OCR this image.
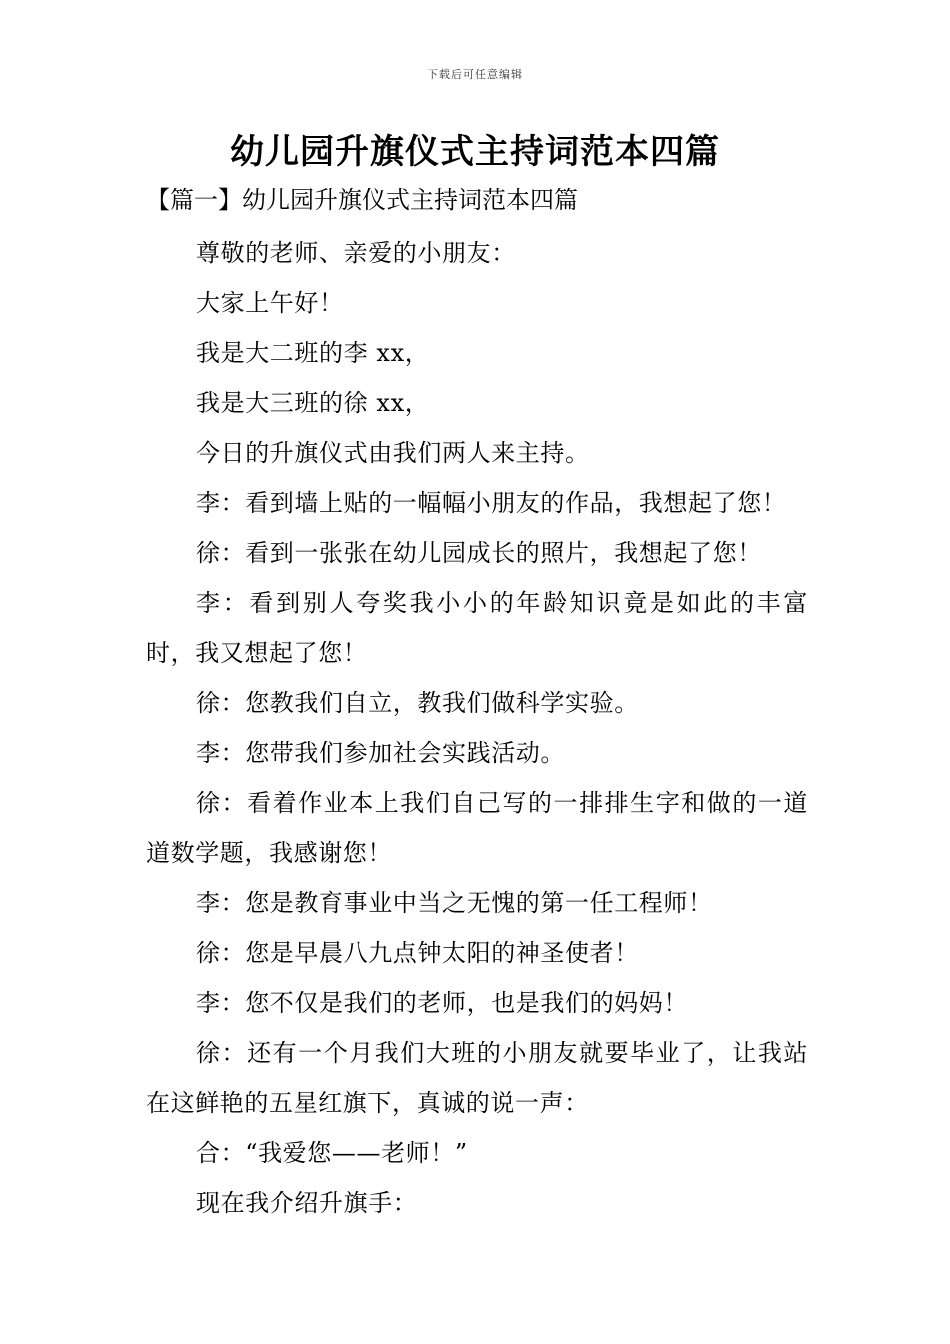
下载后可任意编辑
幼儿园升旗仪式主持词范本四篇
【篇一】幼儿园升旗仪式主持词范本四篇

尊敬的老师、亲爱的小朋友：

大家上午好！

我是大二班的李 xx，

我是大三班的徐 xx，

今日的升旗仪式由我们两人来主持。

李：看到墙上贴的一幅幅小朋友的作品，我想起了您！

徐：看到一张张在幼儿园成长的照片，我想起了您！

李：看到别人夸奖我小小的年龄知识竟是如此的丰富时，我又想起了您！

徐：您教我们自立，教我们做科学实验。

李：您带我们参加社会实践活动。

徐：看着作业本上我们自己写的一排排生字和做的一道道数学题，我感谢您！

李：您是教育事业中当之无愧的第一任工程师！

徐：您是早晨八九点钟太阳的神圣使者！

李：您不仅是我们的老师，也是我们的妈妈！

徐：还有一个月我们大班的小朋友就要毕业了，让我站在这鲜艳的五星红旗下，真诚的说一声：

合：“我爱您——老师！”

现在我介绍升旗手：
